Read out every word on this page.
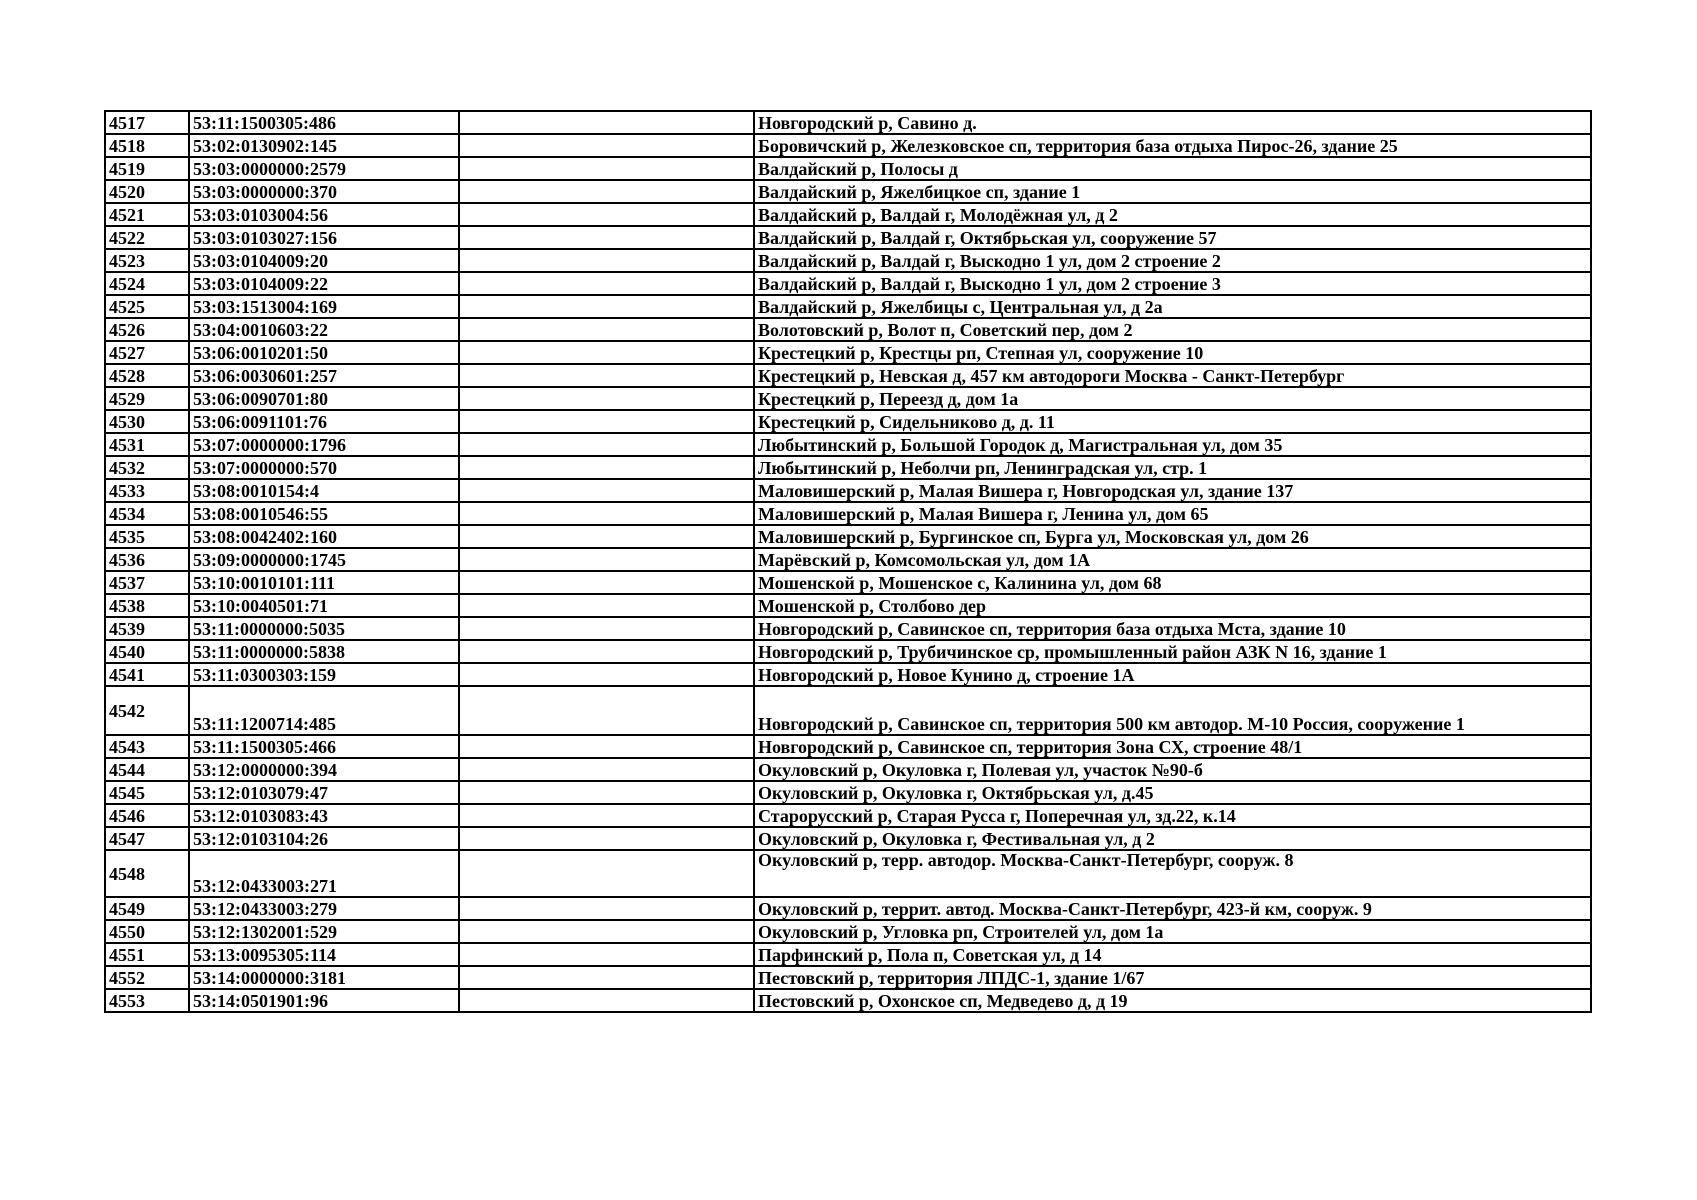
4517	53:11:1500305:486		Новгородский р, Савино д.
4518	53:02:0130902:145		Боровичский р, Железковское сп, территория база отдыха Пирос-26, здание 25
4519	53:03:0000000:2579		Валдайский р, Полосы д
4520	53:03:0000000:370		Валдайский р, Яжелбицкое сп, здание 1
4521	53:03:0103004:56		Валдайский р, Валдай г, Молодёжная ул, д 2
4522	53:03:0103027:156		Валдайский р, Валдай г, Октябрьская ул, сооружение 57
4523	53:03:0104009:20		Валдайский р, Валдай г, Выскодно 1 ул, дом 2 строение 2
4524	53:03:0104009:22		Валдайский р, Валдай г, Выскодно 1 ул, дом 2 строение 3
4525	53:03:1513004:169		Валдайский р, Яжелбицы с, Центральная ул, д 2а
4526	53:04:0010603:22		Волотовский р, Волот п, Советский пер, дом 2
4527	53:06:0010201:50		Крестецкий р, Крестцы рп, Степная ул, сооружение 10
4528	53:06:0030601:257		Крестецкий р, Невская д, 457 км автодороги Москва - Санкт-Петербург
4529	53:06:0090701:80		Крестецкий р, Переезд д, дом 1а
4530	53:06:0091101:76		Крестецкий р, Сидельниково д, д. 11
4531	53:07:0000000:1796		Любытинский р, Большой Городок д, Магистральная ул, дом 35
4532	53:07:0000000:570		Любытинский р, Неболчи рп, Ленинградская ул, стр. 1
4533	53:08:0010154:4		Маловишерский р, Малая Вишера г, Новгородская ул, здание 137
4534	53:08:0010546:55		Маловишерский р, Малая Вишера г, Ленина ул, дом 65
4535	53:08:0042402:160		Маловишерский р, Бургинское сп, Бурга ул, Московская ул, дом 26
4536	53:09:0000000:1745		Марёвский р, Комсомольская ул, дом 1А
4537	53:10:0010101:111		Мошенской р, Мошенское с, Калинина ул, дом 68
4538	53:10:0040501:71		Мошенской р, Столбово дер
4539	53:11:0000000:5035		Новгородский р, Савинское сп, территория база отдыха Мста, здание 10
4540	53:11:0000000:5838		Новгородский р, Трубичинское ср, промышленный район АЗК N 16, здание 1
4541	53:11:0300303:159		Новгородский р, Новое Кунино д, строение 1А
4542	53:11:1200714:485		Новгородский р, Савинское сп, территория 500 км автодор. М-10 Россия, сооружение 1
4543	53:11:1500305:466		Новгородский р, Савинское сп, территория Зона СХ, строение 48/1
4544	53:12:0000000:394		Окуловский р, Окуловка г, Полевая ул, участок №90-б
4545	53:12:0103079:47		Окуловский р, Окуловка г, Октябрьская ул, д.45
4546	53:12:0103083:43		Старорусский р, Старая Русса г, Поперечная ул, зд.22, к.14
4547	53:12:0103104:26		Окуловский р, Окуловка г, Фестивальная ул, д 2
4548	53:12:0433003:271		Окуловский р, терр. автодор. Москва-Санкт-Петербург, сооруж. 8
4549	53:12:0433003:279		Окуловский р, террит. автод. Москва-Санкт-Петербург, 423-й км, сооруж. 9
4550	53:12:1302001:529		Окуловский р, Угловка рп, Строителей ул, дом 1а
4551	53:13:0095305:114		Парфинский р, Пола п, Советская ул, д 14
4552	53:14:0000000:3181		Пестовский р, территория ЛПДС-1, здание 1/67
4553	53:14:0501901:96		Пестовский р, Охонское сп, Медведево д, д 19
